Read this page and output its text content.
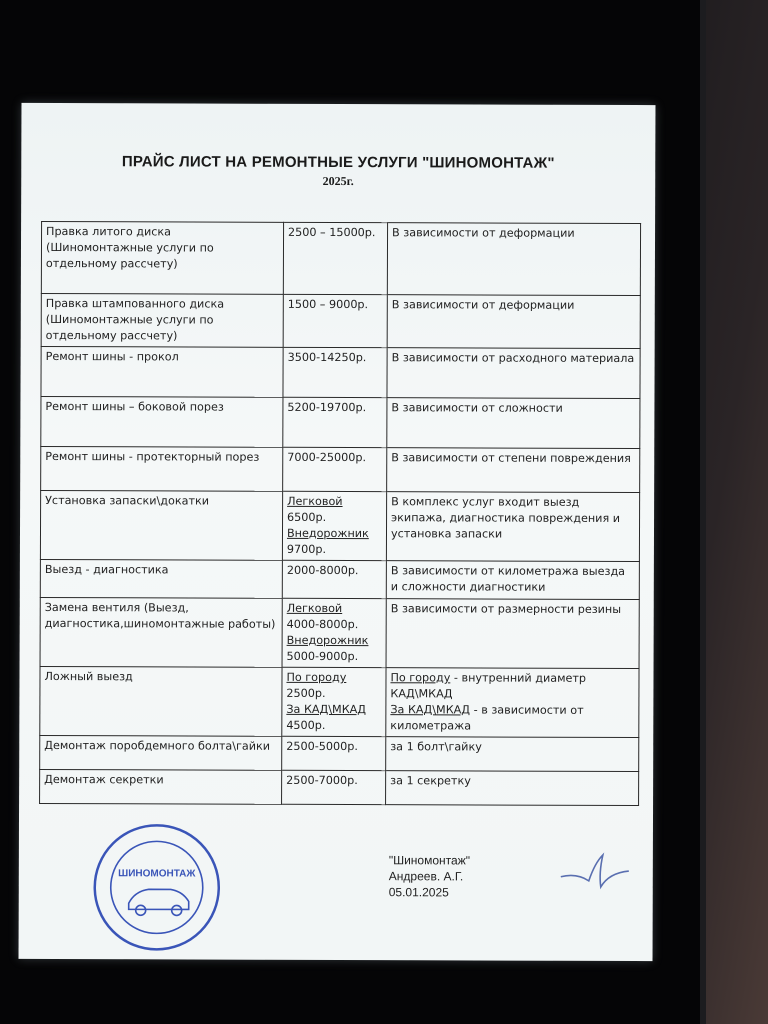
ПРАЙС ЛИСТ НА РЕМОНТНЫЕ УСЛУГИ "ШИНОМОНТАЖ"
2025г.
Правка литого диска (Шиномонтажные услуги по отдельному рассчету)	2500 – 15000р.	В зависимости от деформации
Правка штампованного диска (Шиномонтажные услуги по отдельному рассчету)	1500 – 9000р.	В зависимости от деформации
Ремонт шины - прокол	3500-14250р.	В зависимости от расходного материала
Ремонт шины – боковой порез	5200-19700р.	В зависимости от сложности
Ремонт шины - протекторный порез	7000-25000р.	В зависимости от степени повреждения
Установка запаски\докатки	Легковой
6500р.
Внедорожник
9700р.	В комплекс услуг входит выезд экипажа, диагностика повреждения и установка запаски
Выезд - диагностика	2000-8000р.	В зависимости от километража выезда и сложности диагностики
Замена вентиля (Выезд, диагностика,шиномонтажные работы)	Легковой
4000-8000р.
Внедорожник
5000-9000р.	В зависимости от размерности резины
Ложный выезд	По городу
2500р.
За КАД\МКАД
4500р.	По городу - внутренний диаметр КАД\МКАД
За КАД\МКАД - в зависимости от километража
Демонтаж поробдемного болта\гайки	2500-5000р.	за 1 болт\гайку
Демонтаж секретки	2500-7000р.	за 1 секретку
ШИНОМОНТАЖ
"Шиномонтаж"
Андреев. А.Г.
05.01.2025
